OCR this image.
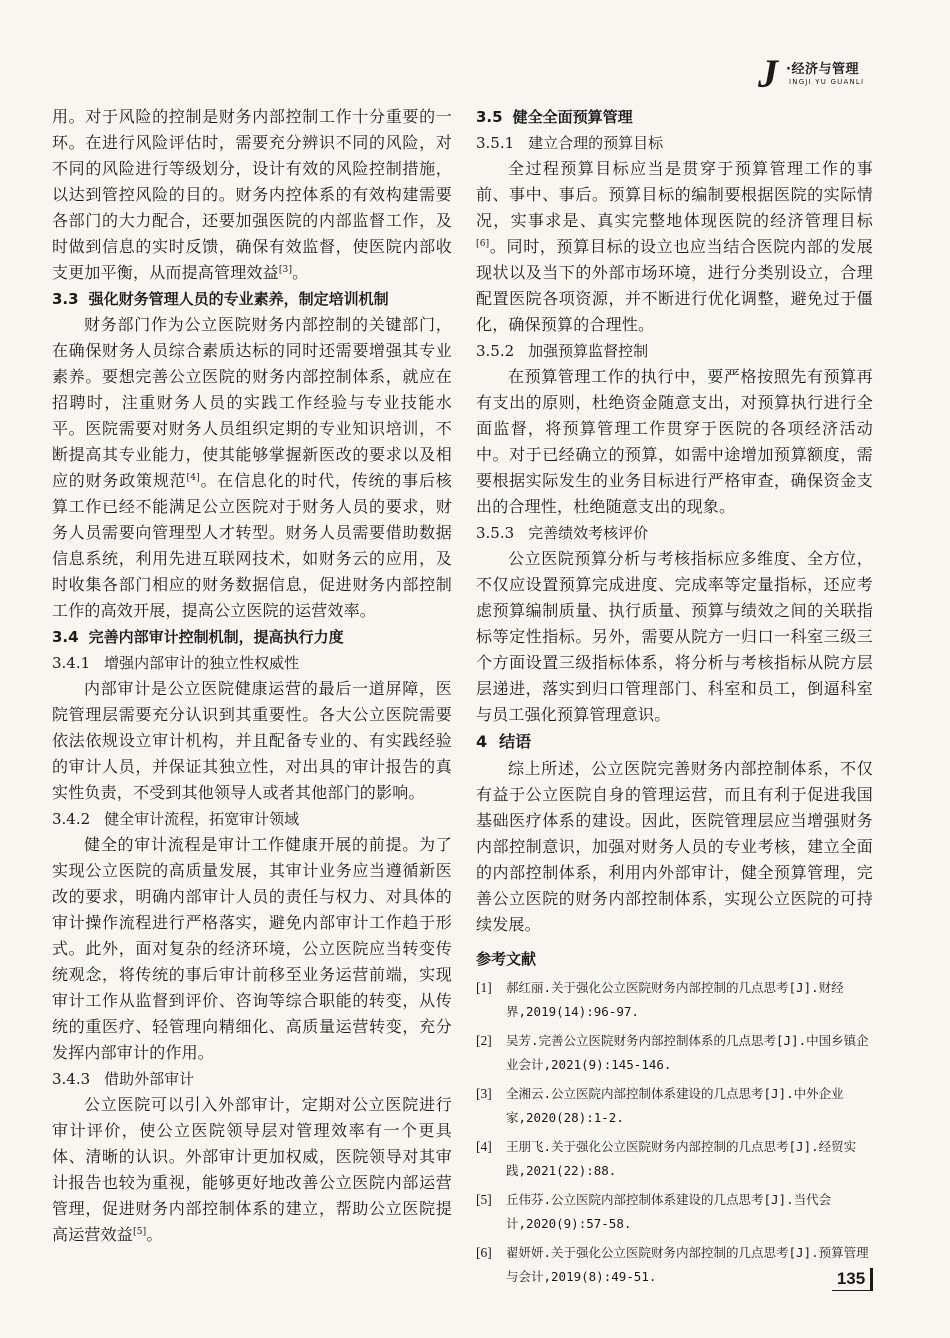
J ·经济与管理
INGJI YU GUANLI

用。对于风险的控制是财务内部控制工作十分重要的一环。在进行风险评估时，需要充分辨识不同的风险，对不同的风险进行等级划分，设计有效的风险控制措施，以达到管控风险的目的。财务内控体系的有效构建需要各部门的大力配合，还要加强医院的内部监督工作，及时做到信息的实时反馈，确保有效监督，使医院内部收支更加平衡，从而提高管理效益[3]。

3.3 强化财务管理人员的专业素养，制定培训机制

财务部门作为公立医院财务内部控制的关键部门，在确保财务人员综合素质达标的同时还需要增强其专业素养。要想完善公立医院的财务内部控制体系，就应在招聘时，注重财务人员的实践工作经验与专业技能水平。医院需要对财务人员组织定期的专业知识培训，不断提高其专业能力，使其能够掌握新医改的要求以及相应的财务政策规范[4]。在信息化的时代，传统的事后核算工作已经不能满足公立医院对于财务人员的要求，财务人员需要向管理型人才转型。财务人员需要借助数据信息系统，利用先进互联网技术，如财务云的应用，及时收集各部门相应的财务数据信息，促进财务内部控制工作的高效开展，提高公立医院的运营效率。

3.4 完善内部审计控制机制，提高执行力度

3.4.1 增强内部审计的独立性权威性

内部审计是公立医院健康运营的最后一道屏障，医院管理层需要充分认识到其重要性。各大公立医院需要依法依规设立审计机构，并且配备专业的、有实践经验的审计人员，并保证其独立性，对出具的审计报告的真实性负责，不受到其他领导人或者其他部门的影响。

3.4.2 健全审计流程，拓宽审计领域

健全的审计流程是审计工作健康开展的前提。为了实现公立医院的高质量发展，其审计业务应当遵循新医改的要求，明确内部审计人员的责任与权力、对具体的审计操作流程进行严格落实，避免内部审计工作趋于形式。此外，面对复杂的经济环境，公立医院应当转变传统观念，将传统的事后审计前移至业务运营前端，实现审计工作从监督到评价、咨询等综合职能的转变，从传统的重医疗、轻管理向精细化、高质量运营转变，充分发挥内部审计的作用。

3.4.3 借助外部审计

公立医院可以引入外部审计，定期对公立医院进行审计评价，使公立医院领导层对管理效率有一个更具体、清晰的认识。外部审计更加权威，医院领导对其审计报告也较为重视，能够更好地改善公立医院内部运营管理，促进财务内部控制体系的建立，帮助公立医院提高运营效益[5]。

3.5 健全全面预算管理

3.5.1 建立合理的预算目标

全过程预算目标应当是贯穿于预算管理工作的事前、事中、事后。预算目标的编制要根据医院的实际情况，实事求是、真实完整地体现医院的经济管理目标[6]。同时，预算目标的设立也应当结合医院内部的发展现状以及当下的外部市场环境，进行分类别设立，合理配置医院各项资源，并不断进行优化调整，避免过于僵化，确保预算的合理性。

3.5.2 加强预算监督控制

在预算管理工作的执行中，要严格按照先有预算再有支出的原则，杜绝资金随意支出，对预算执行进行全面监督，将预算管理工作贯穿于医院的各项经济活动中。对于已经确立的预算，如需中途增加预算额度，需要根据实际发生的业务目标进行严格审查，确保资金支出的合理性，杜绝随意支出的现象。

3.5.3 完善绩效考核评价

公立医院预算分析与考核指标应多维度、全方位，不仅应设置预算完成进度、完成率等定量指标，还应考虑预算编制质量、执行质量、预算与绩效之间的关联指标等定性指标。另外，需要从院方一归口一科室三级三个方面设置三级指标体系，将分析与考核指标从院方层层递进，落实到归口管理部门、科室和员工，倒逼科室与员工强化预算管理意识。

4 结语

综上所述，公立医院完善财务内部控制体系，不仅有益于公立医院自身的管理运营，而且有利于促进我国基础医疗体系的建设。因此，医院管理层应当增强财务内部控制意识，加强对财务人员的专业考核，建立全面的内部控制体系，利用内外部审计，健全预算管理，完善公立医院的财务内部控制体系，实现公立医院的可持续发展。

参考文献

[1] 郝红丽.关于强化公立医院财务内部控制的几点思考[J].财经界,2019(14):96-97.

[2] 吴芳.完善公立医院财务内部控制体系的几点思考[J].中国乡镇企业会计,2021(9):145-146.

[3] 全湘云.公立医院内部控制体系建设的几点思考[J].中外企业家,2020(28):1-2.

[4] 王朋飞.关于强化公立医院财务内部控制的几点思考[J].经贸实践,2021(22):88.

[5] 丘伟芬.公立医院内部控制体系建设的几点思考[J].当代会计,2020(9):57-58.

[6] 翟妍妍.关于强化公立医院财务内部控制的几点思考[J].预算管理与会计,2019(8):49-51.	135
